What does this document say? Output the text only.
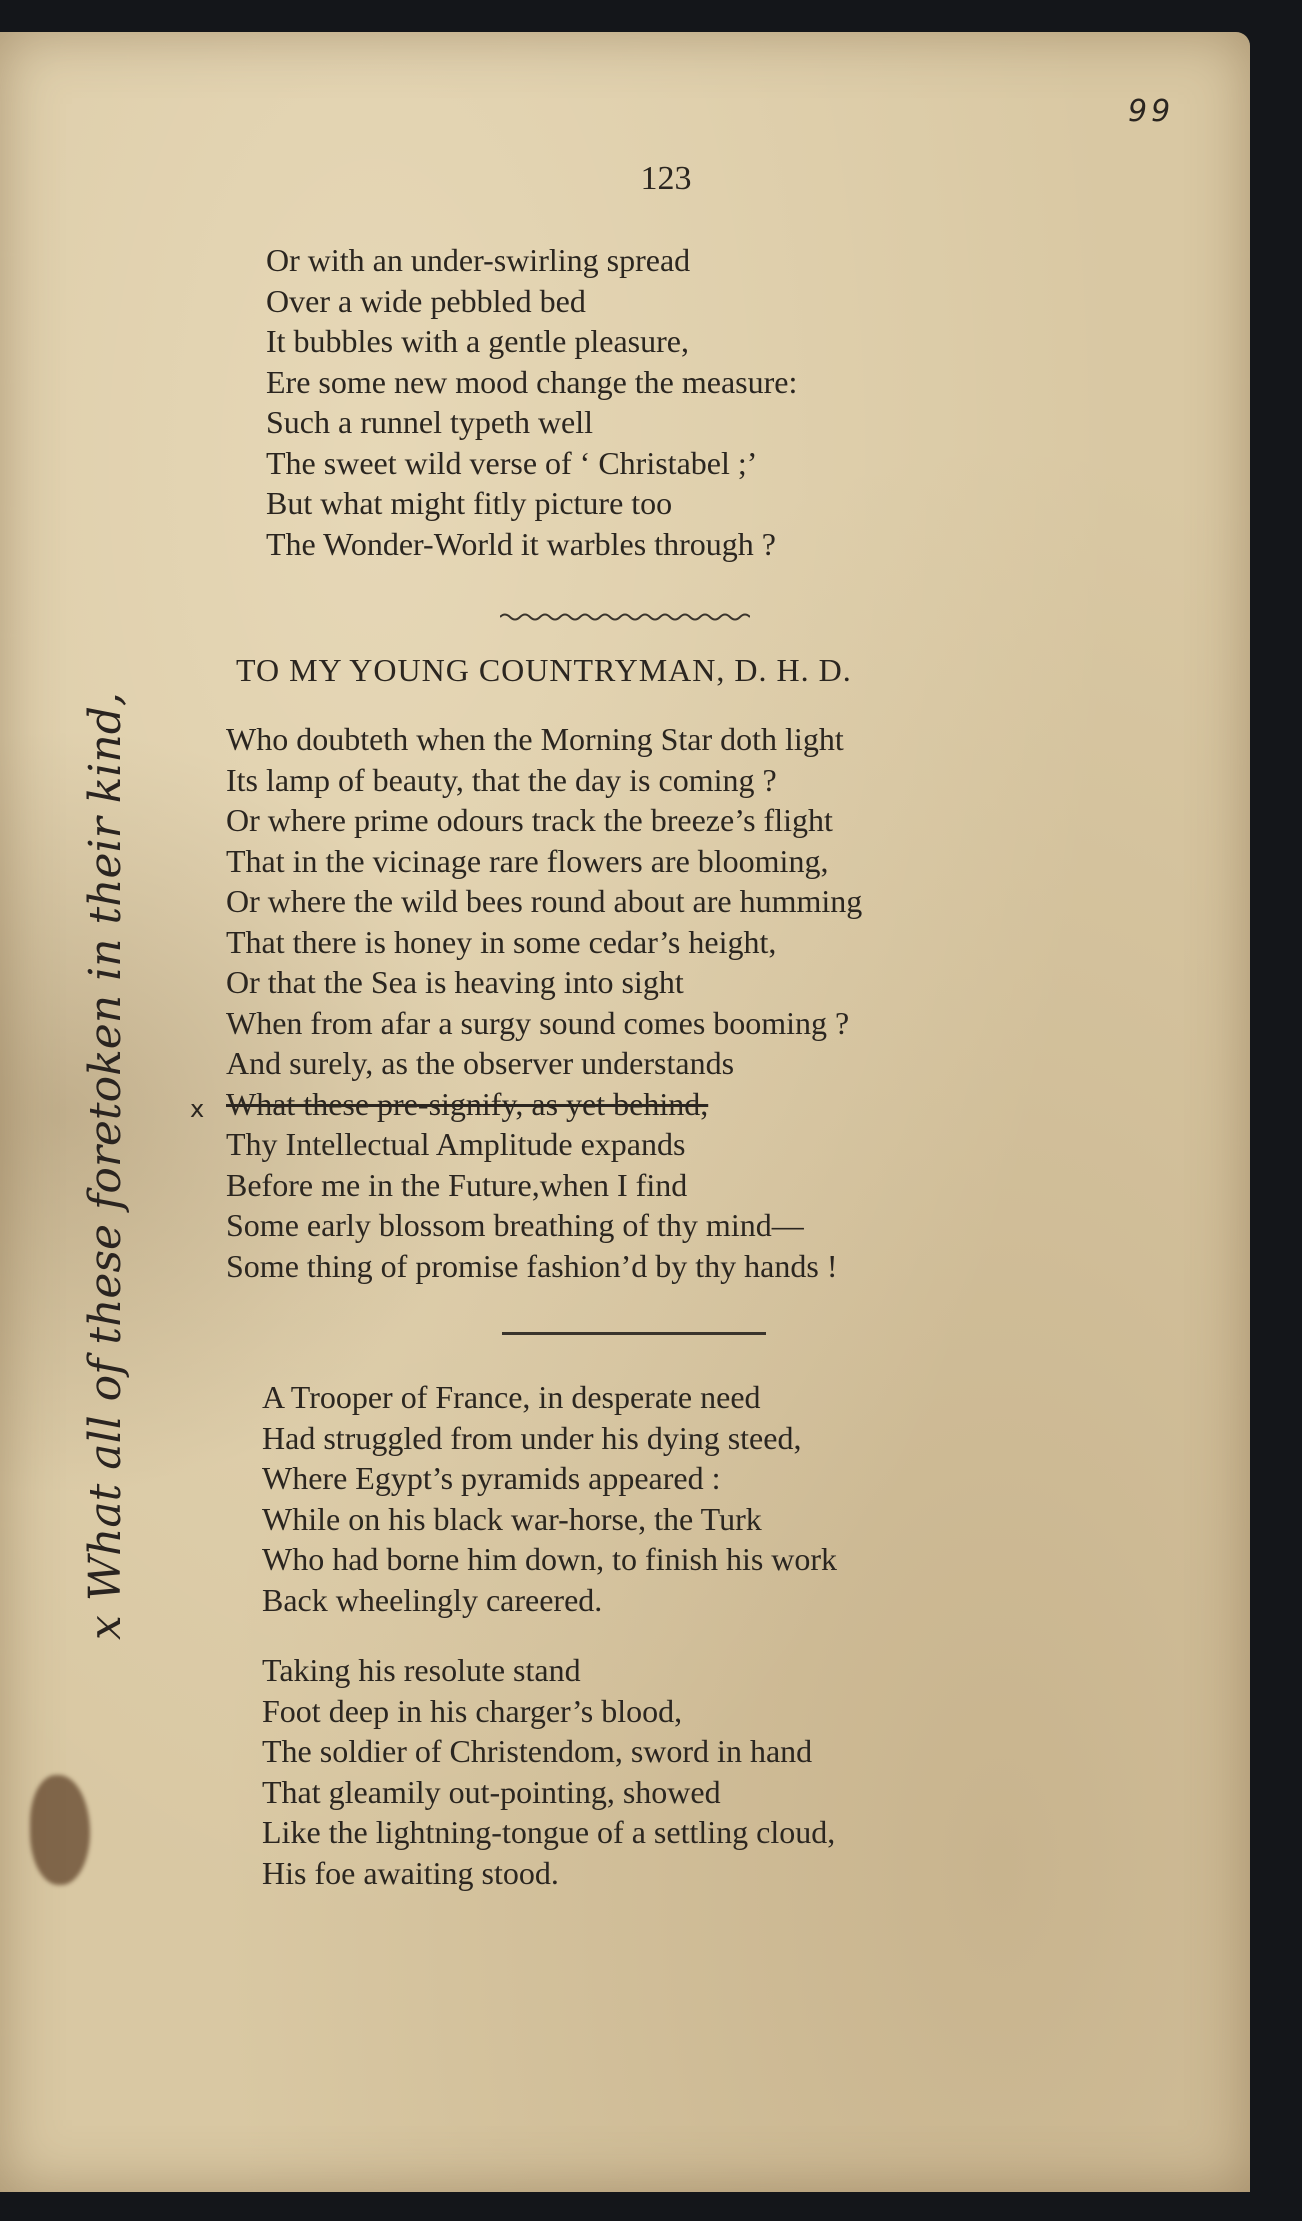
99
123
Or with an under-swirling spread
Over a wide pebbled bed
It bubbles with a gentle pleasure,
Ere some new mood change the measure:
Such a runnel typeth well
The sweet wild verse of ‘ Christabel ;’
But what might fitly picture too
The Wonder-World it warbles through ?
TO MY YOUNG COUNTRYMAN, D. H. D.
Who doubteth when the Morning Star doth light
Its lamp of beauty, that the day is coming ?
Or where prime odours track the breeze’s flight
That in the vicinage rare flowers are blooming,
Or where the wild bees round about are humming
That there is honey in some cedar’s height,
Or that the Sea is heaving into sight
When from afar a surgy sound comes booming ?
And surely, as the observer understands
What these pre-signify, as yet behind,
Thy Intellectual Amplitude expands
Before me in the Future,when I find
Some early blossom breathing of thy mind—
Some thing of promise fashion’d by thy hands !
x
A Trooper of France, in desperate need
Had struggled from under his dying steed,
Where Egypt’s pyramids appeared :
While on his black war-horse, the Turk
Who had borne him down, to finish his work
Back wheelingly careered.
Taking his resolute stand
Foot deep in his charger’s blood,
The soldier of Christendom, sword in hand
That gleamily out-pointing, showed
Like the lightning-tongue of a settling cloud,
His foe awaiting stood.
x What all of these foretoken in their kind,
